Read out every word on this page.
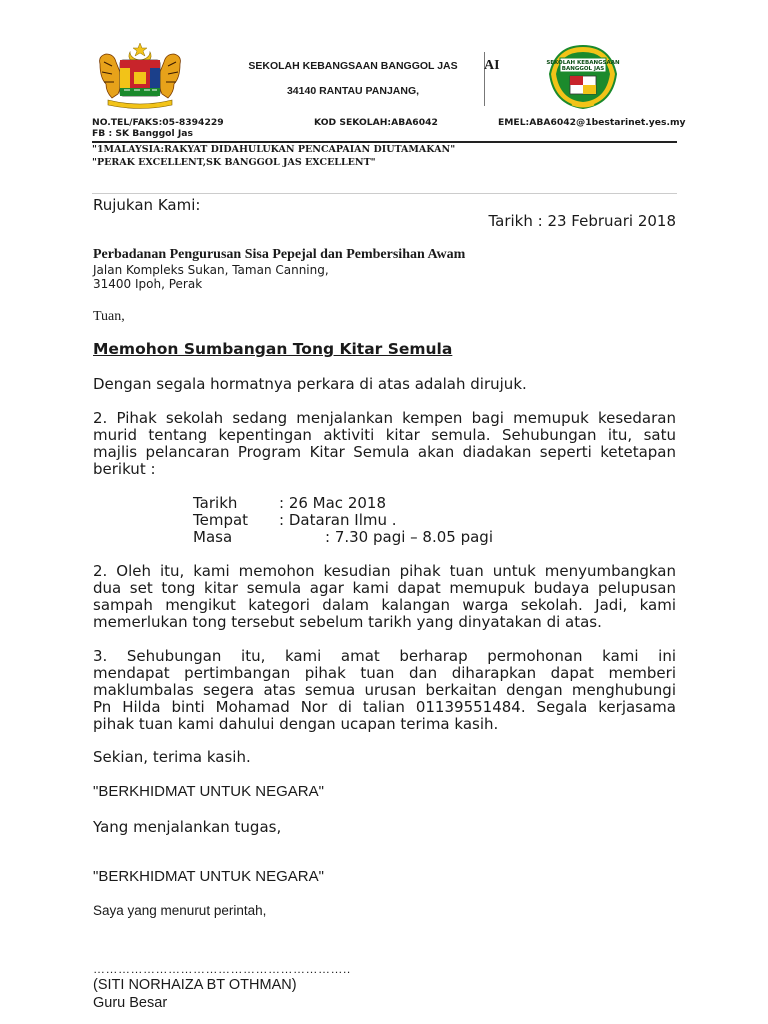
SEKOLAH KEBANGSAAN BANGGOL JAS
34140 RANTAU PANJANG,
AI	SEKOLAH KEBANGSAAN
BANGGOL JAS
NO.TEL/FAKS:05-8394229	KOD SEKOLAH:ABA6042	EMEL:ABA6042@1bestarinet.yes.my
FB : SK Banggol Jas
"1MALAYSIA:RAKYAT DIDAHULUKAN PENCAPAIAN DIUTAMAKAN"
"PERAK EXCELLENT,SK BANGGOL JAS EXCELLENT"
Rujukan Kami:
Tarikh : 23 Februari 2018
Perbadanan Pengurusan Sisa Pepejal dan Pembersihan Awam
Jalan Kompleks Sukan, Taman Canning,
31400 Ipoh, Perak
Tuan,
Memohon Sumbangan Tong Kitar Semula
Dengan segala hormatnya perkara di atas adalah dirujuk.
2. Pihak sekolah sedang menjalankan kempen bagi memupuk kesedaran
murid tentang kepentingan aktiviti kitar semula. Sehubungan itu, satu
majlis pelancaran Program Kitar Semula akan diadakan seperti ketetapan
berikut :
Tarikh	: 26 Mac 2018
Tempat : Dataran Ilmu .
Masa	: 7.30 pagi – 8.05 pagi
2. Oleh itu, kami memohon kesudian pihak tuan untuk menyumbangkan
dua set tong kitar semula agar kami dapat memupuk budaya pelupusan
sampah mengikut kategori dalam kalangan warga sekolah. Jadi, kami
memerlukan tong tersebut sebelum tarikh yang dinyatakan di atas.
3. Sehubungan itu, kami amat berharap permohonan kami ini
mendapat pertimbangan pihak tuan dan diharapkan dapat memberi
maklumbalas segera atas semua urusan berkaitan dengan menghubungi
Pn Hilda binti Mohamad Nor di talian 01139551484. Segala kerjasama
pihak tuan kami dahului dengan ucapan terima kasih.
Sekian, terima kasih.
"BERKHIDMAT UNTUK NEGARA"
Yang menjalankan tugas,
"BERKHIDMAT UNTUK NEGARA"
Saya yang menurut perintah,
……………………………………………………..
(SITI NORHAIZA BT OTHMAN)
Guru Besar
